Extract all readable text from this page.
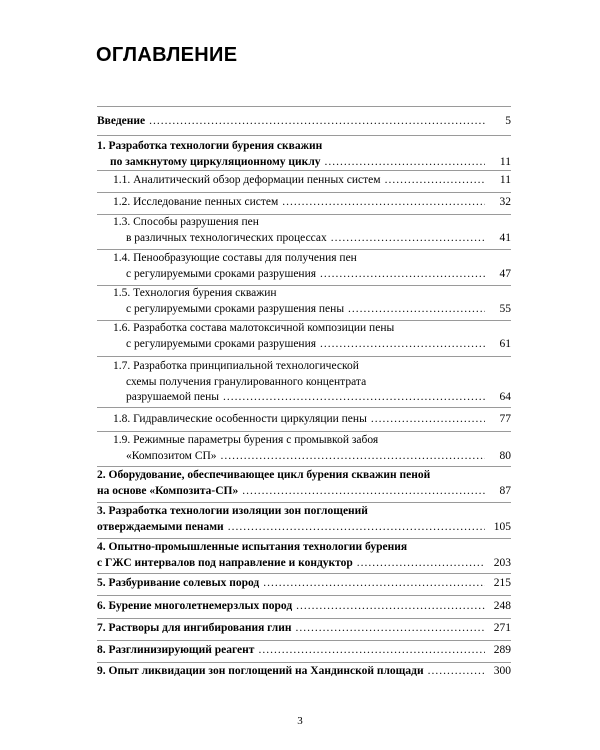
ОГЛАВЛЕНИЕ
Введение .....	5
1. Разработка технологии бурения скважин
по замкнутому циркуляционному циклу .....	11
1.1. Аналитический обзор деформации пенных систем .....	11
1.2. Исследование пенных систем .....	32
1.3. Способы разрушения пен
в различных технологических процессах .....	41
1.4. Пенообразующие составы для получения пен
с регулируемыми сроками разрушения .....	47
1.5. Технология бурения скважин
с регулируемыми сроками разрушения пены .....	55
1.6. Разработка состава малотоксичной композиции пены
с регулируемыми сроками разрушения .....	61
1.7. Разработка принципиальной технологической
схемы получения гранулированного концентрата
разрушаемой пены .....	64
1.8. Гидравлические особенности циркуляции пены .....	77
1.9. Режимные параметры бурения с промывкой забоя
«Композитом СП» .....	80
2. Оборудование, обеспечивающее цикл бурения скважин пеной
на основе «Композита-СП» .....	87
3. Разработка технологии изоляции зон поглощений
отверждаемыми пенами .....	105
4. Опытно-промышленные испытания технологии бурения
с ГЖС интервалов под направление и кондуктор .....	203
5. Разбуривание солевых пород .....	215
6. Бурение многолетнемерзлых пород .....	248
7. Растворы для ингибирования глин .....	271
8. Разглинизирующий реагент .....	289
9. Опыт ликвидации зон поглощений на Хандинской площади .....	300
3
